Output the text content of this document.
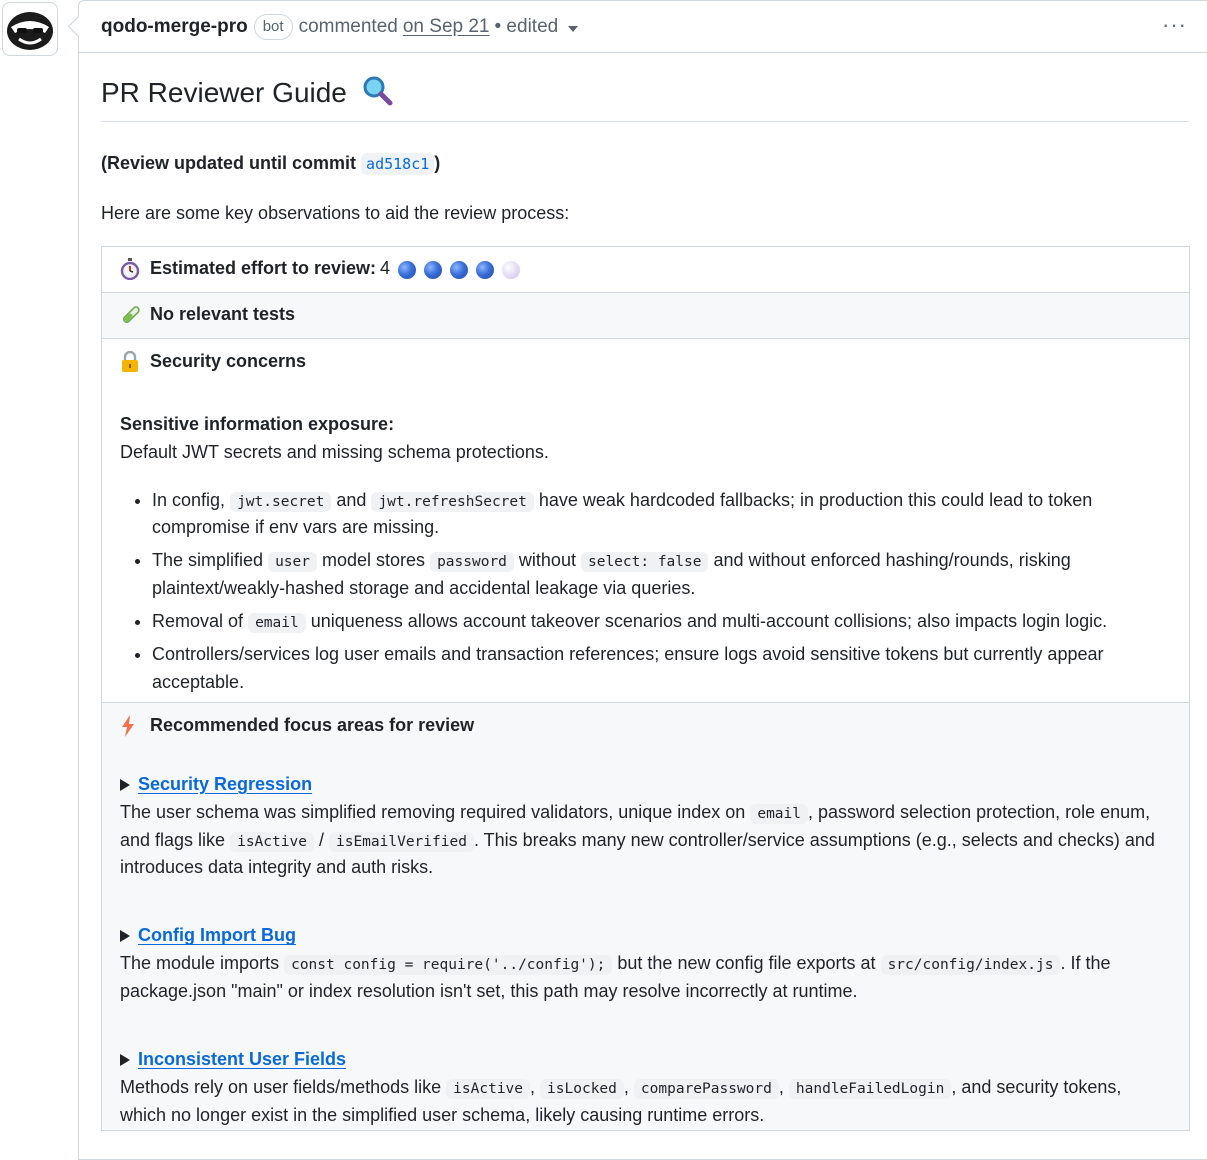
qodo-merge-pro	bot commented on Sep 21 • edited	···
PR Reviewer Guide
(Review updated until commit ad518c1 )
Here are some key observations to aid the review process:
Estimated effort to review: 4

No relevant tests

Security concerns
Sensitive information exposure:
Default JWT secrets and missing schema protections.
• In config, jwt.secret and jwt.refreshSecret have weak hardcoded fallbacks; in production this could lead to token compromise if env vars are missing.
• The simplified user model stores password without select: false and without enforced hashing/rounds, risking plaintext/weakly-hashed storage and accidental leakage via queries.
• Removal of email uniqueness allows account takeover scenarios and multi-account collisions; also impacts login logic.
• Controllers/services log user emails and transaction references; ensure logs avoid sensitive tokens but currently appear acceptable.

Recommended focus areas for review
Security Regression
The user schema was simplified removing required validators, unique index on email , password selection protection, role enum, and flags like isActive / isEmailVerified . This breaks many new controller/service assumptions (e.g., selects and checks) and introduces data integrity and auth risks.
Config Import Bug
The module imports const config = require('../config'); but the new config file exports at src/config/index.js . If the package.json "main" or index resolution isn't set, this path may resolve incorrectly at runtime.
Inconsistent User Fields
Methods rely on user fields/methods like isActive , isLocked , comparePassword , handleFailedLogin , and security tokens, which no longer exist in the simplified user schema, likely causing runtime errors.
